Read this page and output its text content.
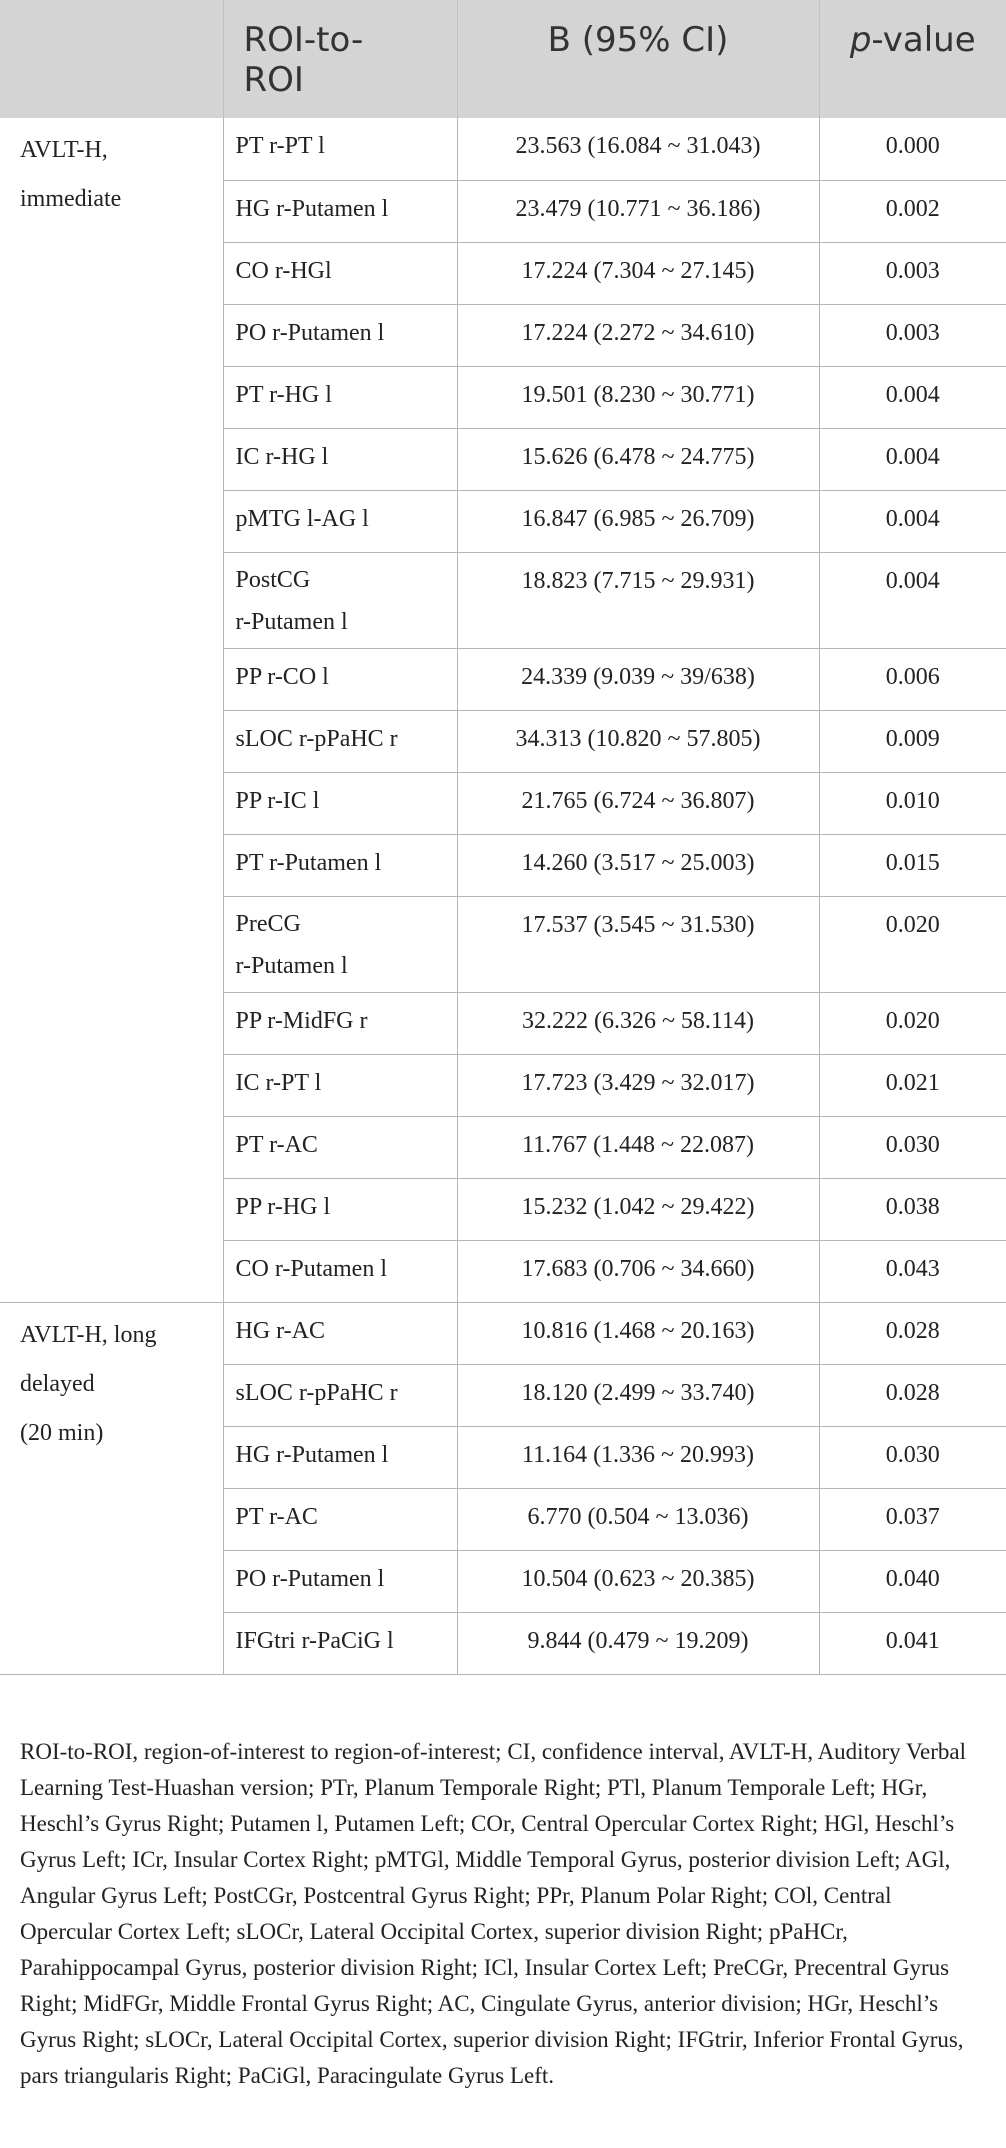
	ROI-to-
ROI	B (95% CI)	p-value
AVLT-H,
immediate	PT r-PT l	23.563 (16.084 ~ 31.043)	0.000
	HG r-Putamen l	23.479 (10.771 ~ 36.186)	0.002
	CO r-HGl	17.224 (7.304 ~ 27.145)	0.003
	PO r-Putamen l	17.224 (2.272 ~ 34.610)	0.003
	PT r-HG l	19.501 (8.230 ~ 30.771)	0.004
	IC r-HG l	15.626 (6.478 ~ 24.775)	0.004
	pMTG l-AG l	16.847 (6.985 ~ 26.709)	0.004
	PostCG
r-Putamen l	18.823 (7.715 ~ 29.931)	0.004
	PP r-CO l	24.339 (9.039 ~ 39/638)	0.006
	sLOC r-pPaHC r	34.313 (10.820 ~ 57.805)	0.009
	PP r-IC l	21.765 (6.724 ~ 36.807)	0.010
	PT r-Putamen l	14.260 (3.517 ~ 25.003)	0.015
	PreCG
r-Putamen l	17.537 (3.545 ~ 31.530)	0.020
	PP r-MidFG r	32.222 (6.326 ~ 58.114)	0.020
	IC r-PT l	17.723 (3.429 ~ 32.017)	0.021
	PT r-AC	11.767 (1.448 ~ 22.087)	0.030
	PP r-HG l	15.232 (1.042 ~ 29.422)	0.038
	CO r-Putamen l	17.683 (0.706 ~ 34.660)	0.043
AVLT-H, long
delayed
(20 min)	HG r-AC	10.816 (1.468 ~ 20.163)	0.028
	sLOC r-pPaHC r	18.120 (2.499 ~ 33.740)	0.028
	HG r-Putamen l	11.164 (1.336 ~ 20.993)	0.030
	PT r-AC	6.770 (0.504 ~ 13.036)	0.037
	PO r-Putamen l	10.504 (0.623 ~ 20.385)	0.040
	IFGtri r-PaCiG l	9.844 (0.479 ~ 19.209)	0.041

ROI-to-ROI, region-of-interest to region-of-interest; CI, confidence interval, AVLT-H, Auditory Verbal Learning Test-Huashan version; PTr, Planum Temporale Right; PTl, Planum Temporale Left; HGr, Heschl’s Gyrus Right; Putamen l, Putamen Left; COr, Central Opercular Cortex Right; HGl, Heschl’s Gyrus Left; ICr, Insular Cortex Right; pMTGl, Middle Temporal Gyrus, posterior division Left; AGl, Angular Gyrus Left; PostCGr, Postcentral Gyrus Right; PPr, Planum Polar Right; COl, Central Opercular Cortex Left; sLOCr, Lateral Occipital Cortex, superior division Right; pPaHCr, Parahippocampal Gyrus, posterior division Right; ICl, Insular Cortex Left; PreCGr, Precentral Gyrus Right; MidFGr, Middle Frontal Gyrus Right; AC, Cingulate Gyrus, anterior division; HGr, Heschl’s Gyrus Right; sLOCr, Lateral Occipital Cortex, superior division Right; IFGtrir, Inferior Frontal Gyrus, pars triangularis Right; PaCiGl, Paracingulate Gyrus Left.
